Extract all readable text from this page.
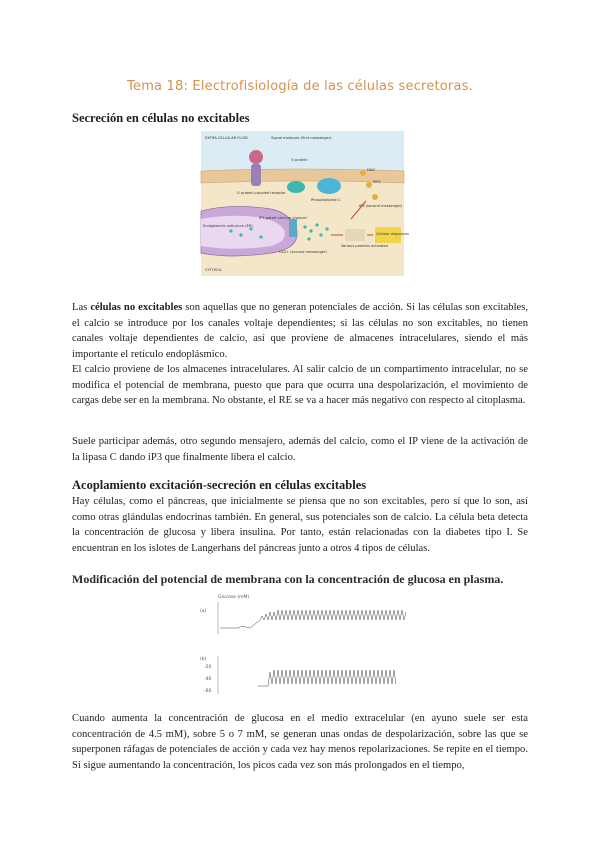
Tema 18: Electrofisiología de las células secretoras.
Secreción en células no excitables
EXTRA-CELLULAR FLUID	Signal molecule (first messenger)
G protein
G protein-coupled receptor
Phospholipase C
DAG
PIP2
IP3 (second messenger)
IP3-gated calcium channel
Endoplasmic reticulum (ER)
Ca2+ (second messenger)
Various proteins activated
Cellular responses
CYTOSOL

Las células no excitables son aquellas que no generan potenciales de acción. Si las células son excitables, el calcio se introduce por los canales voltaje dependientes; si las células no son excitables, no tienen canales voltaje dependientes de calcio, así que proviene de almacenes intracelulares, siendo el más importante el retículo endoplásmico.

El calcio proviene de los almacenes intracelulares. Al salir calcio de un compartimento intracelular, no se modifica el potencial de membrana, puesto que para que ocurra una despolarización, el movimiento de cargas debe ser en la membrana. No obstante, el RE se va a hacer más negativo con respecto al citoplasma.
Suele participar además, otro segundo mensajero, además del calcio, como el IP viene de la activación de la lipasa C dando iP3 que finalmente libera el calcio.
Acoplamiento excitación-secreción en células excitables
Hay células, como el páncreas, que inicialmente se piensa que no son excitables, pero sí que lo son, así como otras glándulas endocrinas también. En general, sus potenciales son de calcio. La célula beta detecta la concentración de glucosa y libera insulina. Por tanto, están relacionadas con la diabetes tipo I. Se encuentran en los islotes de Langerhans del páncreas junto a otros 4 tipos de células.
Modificación del potencial de membrana con la concentración de glucosa en plasma.
Glucose (mM)
(a)
(b)
-20
-40
-60
Cuando aumenta la concentración de glucosa en el medio extracelular (en ayuno suele ser esta concentración de 4.5 mM), sobre 5 o 7 mM, se generan unas ondas de despolarización, sobre las que se superponen ráfagas de potenciales de acción y cada vez hay menos repolarizaciones. Se repite en el tiempo. Si sigue aumentando la concentración, los picos cada vez son más prolongados en el tiempo,
